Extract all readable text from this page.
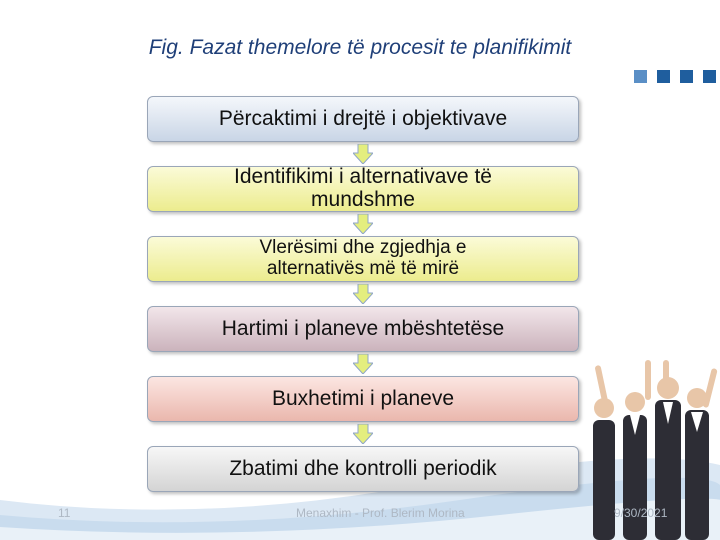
Fig. Fazat themelore të procesit te planifikimit
Përcaktimi i drejtë i objektivave
Identifikimi i alternativave të mundshme
Vlerësimi dhe zgjedhja e alternativës më të mirë
Hartimi i planeve mbështetëse
Buxhetimi i planeve
Zbatimi dhe kontrolli periodik
11	Menaxhim - Prof. Blerim Morina	9/30/2021
